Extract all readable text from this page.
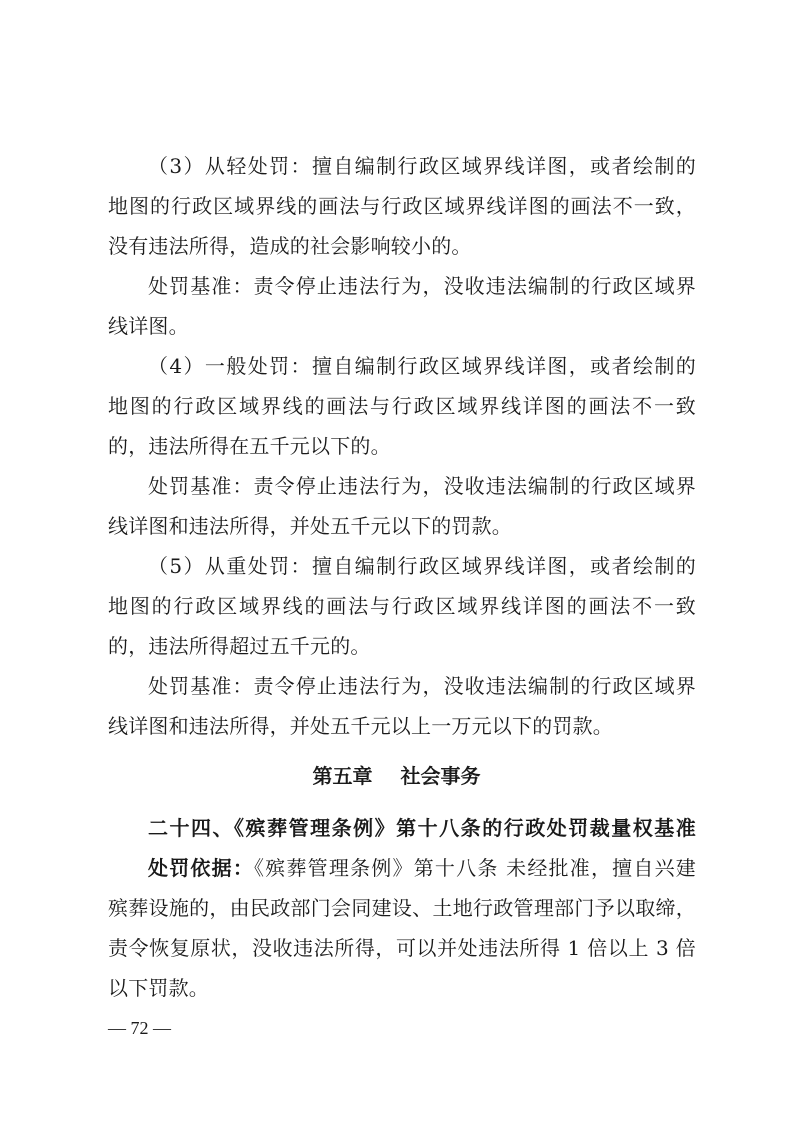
（3）从轻处罚：擅自编制行政区域界线详图，或者绘制的
地图的行政区域界线的画法与行政区域界线详图的画法不一致，
没有违法所得，造成的社会影响较小的。
处罚基准：责令停止违法行为，没收违法编制的行政区域界
线详图。
（4）一般处罚：擅自编制行政区域界线详图，或者绘制的
地图的行政区域界线的画法与行政区域界线详图的画法不一致
的，违法所得在五千元以下的。
处罚基准：责令停止违法行为，没收违法编制的行政区域界
线详图和违法所得，并处五千元以下的罚款。
（5）从重处罚：擅自编制行政区域界线详图，或者绘制的
地图的行政区域界线的画法与行政区域界线详图的画法不一致
的，违法所得超过五千元的。
处罚基准：责令停止违法行为，没收违法编制的行政区域界
线详图和违法所得，并处五千元以上一万元以下的罚款。
第五章 社会事务
二十四、《殡葬管理条例》第十八条的行政处罚裁量权基准
处罚依据：《殡葬管理条例》第十八条 未经批准，擅自兴建
殡葬设施的，由民政部门会同建设、土地行政管理部门予以取缔，
责令恢复原状，没收违法所得，可以并处违法所得 1 倍以上 3 倍
以下罚款。
— 72 —
